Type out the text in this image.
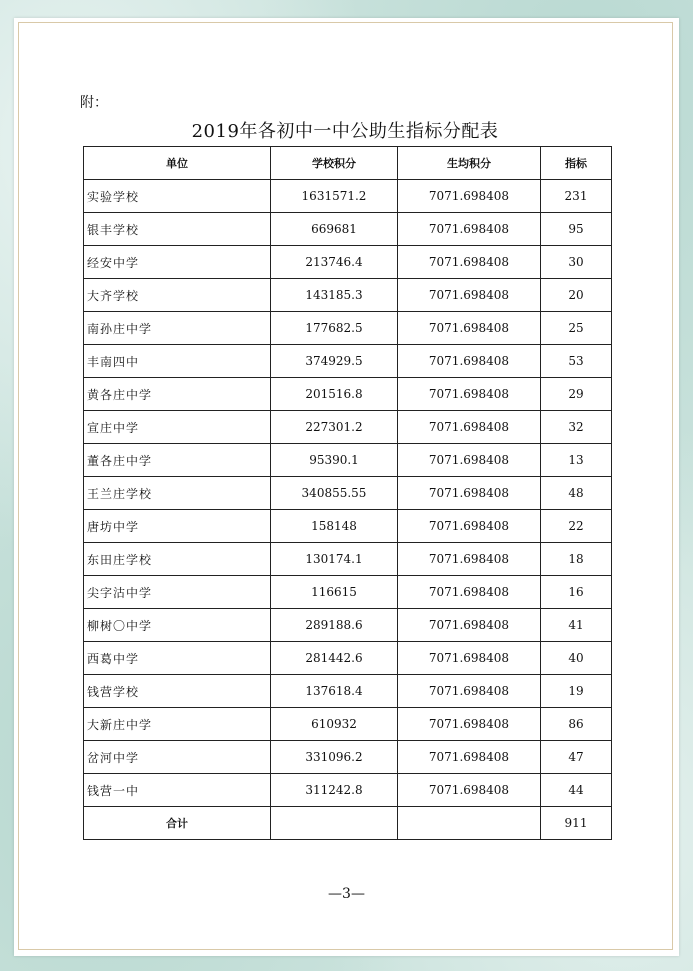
附：
2019年各初中一中公助生指标分配表
单位	学校积分	生均积分	指标
实验学校	1631571.2	7071.698408	231
银丰学校	669681	7071.698408	95
经安中学	213746.4	7071.698408	30
大齐学校	143185.3	7071.698408	20
南孙庄中学	177682.5	7071.698408	25
丰南四中	374929.5	7071.698408	53
黄各庄中学	201516.8	7071.698408	29
宣庄中学	227301.2	7071.698408	32
董各庄中学	95390.1	7071.698408	13
王兰庄学校	340855.55	7071.698408	48
唐坊中学	158148	7071.698408	22
东田庄学校	130174.1	7071.698408	18
尖字沽中学	116615	7071.698408	16
柳树〇中学	289188.6	7071.698408	41
西葛中学	281442.6	7071.698408	40
钱营学校	137618.4	7071.698408	19
大新庄中学	610932	7071.698408	86
岔河中学	331096.2	7071.698408	47
钱营一中	311242.8	7071.698408	44
合计			911
—3—
